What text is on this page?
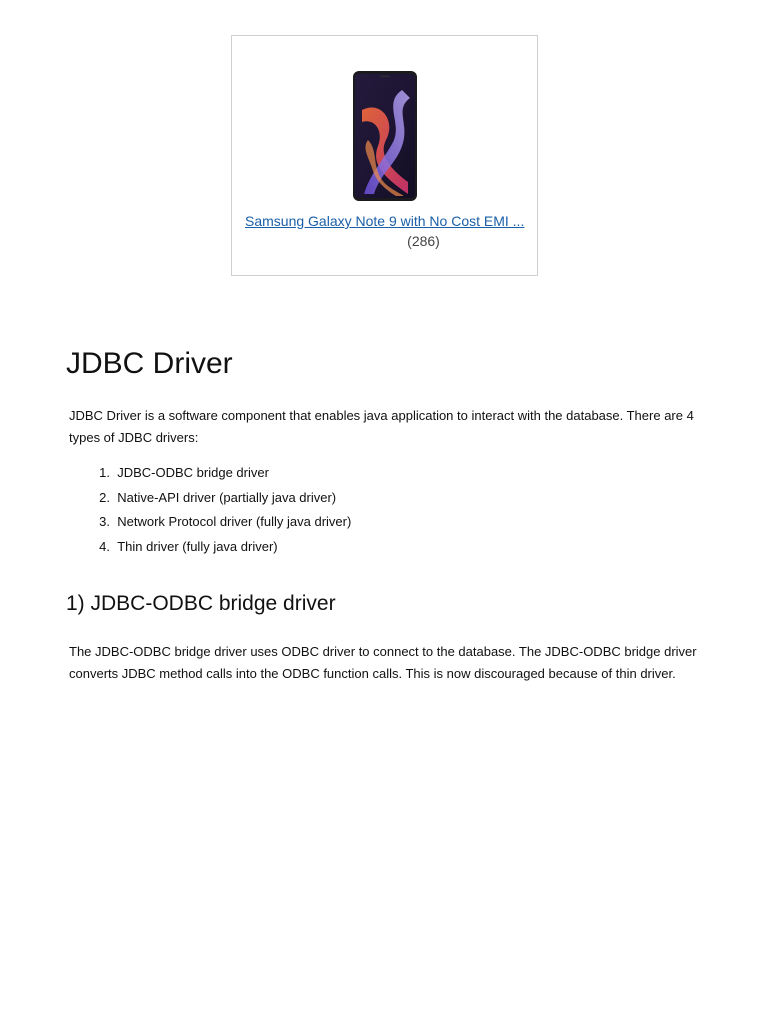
Samsung Galaxy Note 9 with No Cost EMI ...
(286)
JDBC Driver

JDBC Driver is a software component that enables java application to interact with the database. There are 4 types of JDBC drivers:

1. JDBC-ODBC bridge driver
2. Native-API driver (partially java driver)
3. Network Protocol driver (fully java driver)
4. Thin driver (fully java driver)
1) JDBC-ODBC bridge driver

The JDBC-ODBC bridge driver uses ODBC driver to connect to the database. The JDBC-ODBC bridge driver converts JDBC method calls into the ODBC function calls. This is now discouraged because of thin driver.
